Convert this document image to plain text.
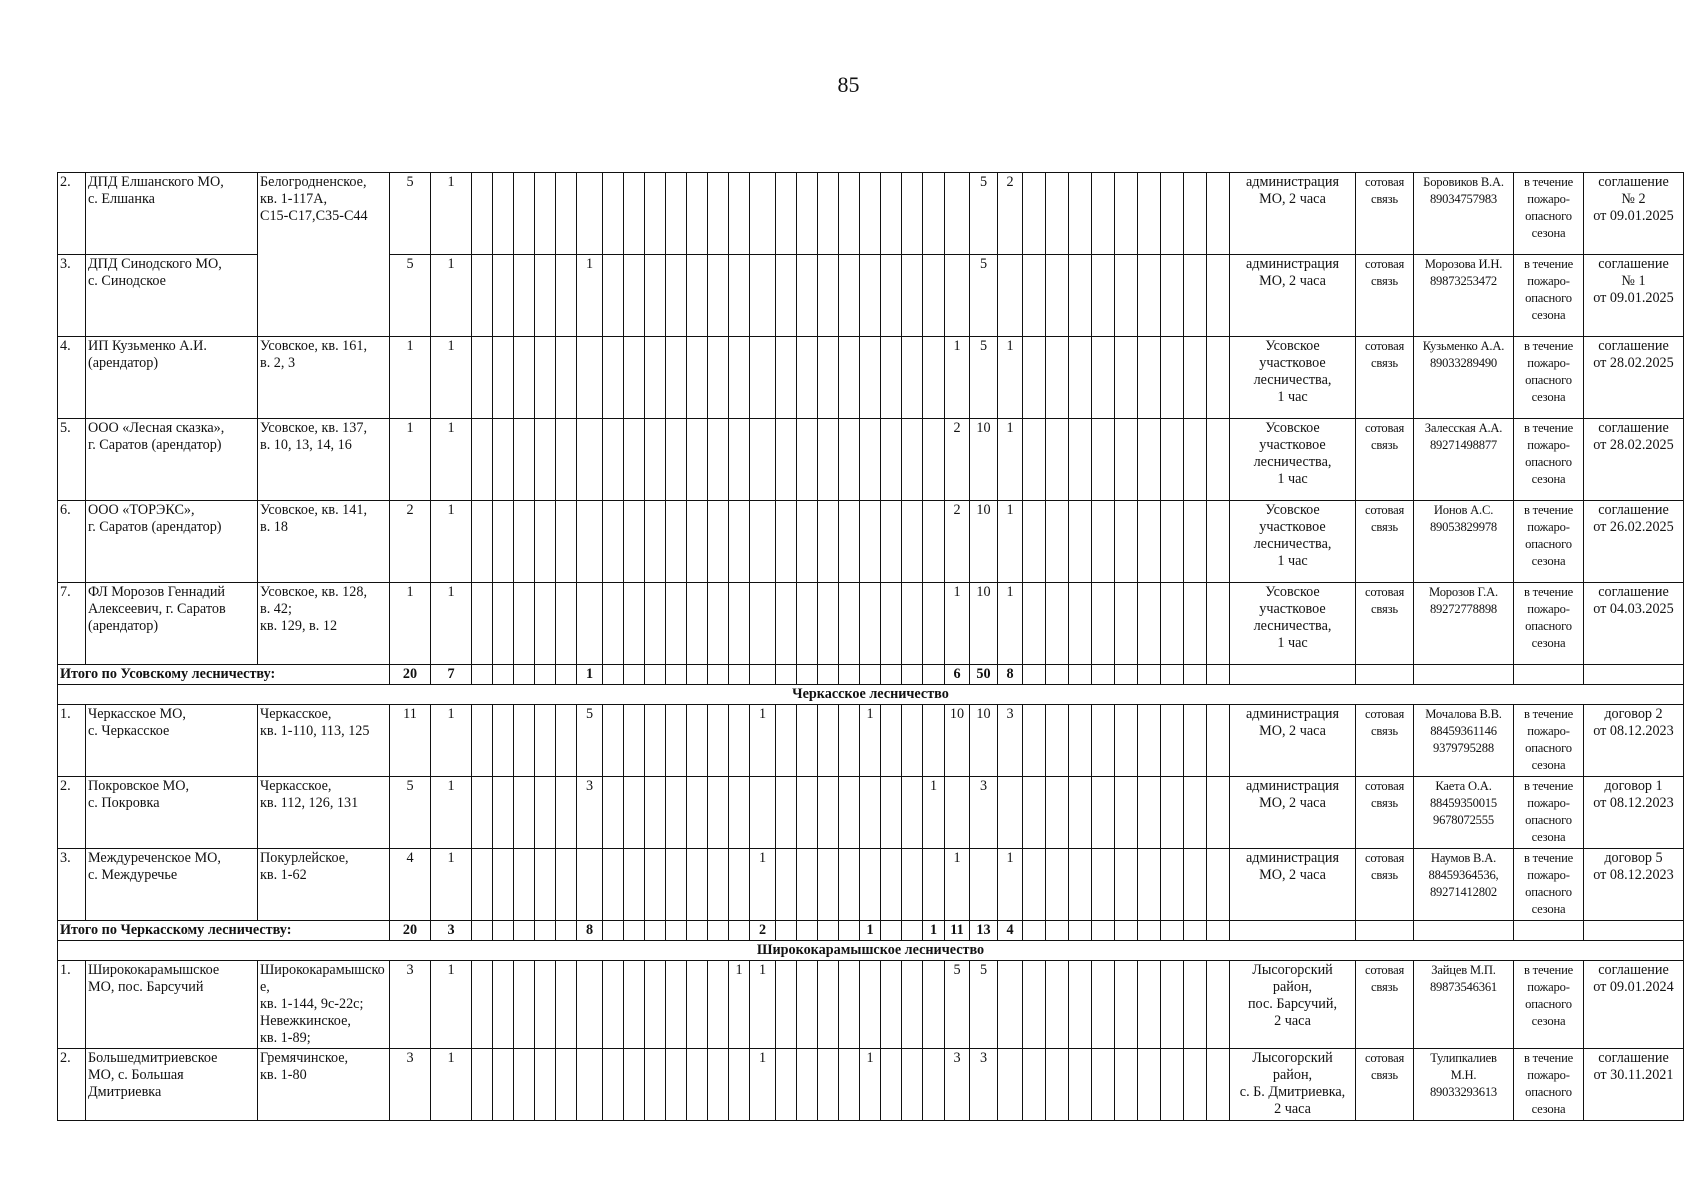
85
2.	ДПД Елшанского МО,
с. Елшанка	Белогродненское,
кв. 1-117А,
С15-С17,С35-С44	5	1																								5	2										администрация
МО, 2 часа	сотовая
связь	Боровиков В.А.
89034757983	в течение
пожаро-
опасного
сезона	соглашение
№ 2
от 09.01.2025
3.	ДПД Синодского МО,
с. Синодское		5	1						1																		5											администрация
МО, 2 часа	сотовая
связь	Морозова И.Н.
89873253472	в течение
пожаро-
опасного
сезона	соглашение
№ 1
от 09.01.2025
4.	ИП Кузьменко А.И.
(арендатор)	Усовское, кв. 161,
в. 2, 3	1	1																							1	5	1										Усовское
участковое
лесничества,
1 час	сотовая
связь	Кузьменко А.А.
89033289490	в течение
пожаро-
опасного
сезона	соглашение
от 28.02.2025
5.	ООО «Лесная сказка»,
г. Саратов (арендатор)	Усовское, кв. 137,
в. 10, 13, 14, 16	1	1																							2	10	1										Усовское
участковое
лесничества,
1 час	сотовая
связь	Залесская А.А.
89271498877	в течение
пожаро-
опасного
сезона	соглашение
от 28.02.2025
6.	ООО «ТОРЭКС»,
г. Саратов (арендатор)	Усовское, кв. 141,
в. 18	2	1																							2	10	1										Усовское
участковое
лесничества,
1 час	сотовая
связь	Ионов А.С.
89053829978	в течение
пожаро-
опасного
сезона	соглашение
от 26.02.2025
7.	ФЛ Морозов Геннадий
Алексеевич, г. Саратов
(арендатор)	Усовское, кв. 128,
в. 42;
кв. 129, в. 12	1	1																							1	10	1										Усовское
участковое
лесничества,
1 час	сотовая
связь	Морозов Г.А.
89272778898	в течение
пожаро-
опасного
сезона	соглашение
от 04.03.2025
Итого по Усовскому лесничеству:			20	7						1																	6	50	8														
Черкасское лесничество																																											
1.	Черкасское МО,
с. Черкасское	Черкасское,
кв. 1-110, 113, 125	11	1						5								1					1				10	10	3										администрация
МО, 2 часа	сотовая
связь	Мочалова В.В.
88459361146
9379795288	в течение
пожаро-
опасного
сезона	договор 2
от 08.12.2023
2.	Покровское МО,
с. Покровка	Черкасское,
кв. 112, 126, 131	5	1						3																1		3											администрация
МО, 2 часа	сотовая
связь	Каета О.А.
88459350015
9678072555	в течение
пожаро-
опасного
сезона	договор 1
от 08.12.2023
3.	Междуреченское МО,
с. Междуречье	Покурлейское,
кв. 1-62	4	1														1									1		1										администрация
МО, 2 часа	сотовая
связь	Наумов В.А.
88459364536,
89271412802	в течение
пожаро-
опасного
сезона	договор 5
от 08.12.2023
Итого по Черкасскому лесничеству:			20	3						8								2					1			1	11	13	4														
Ширококарамышское лесничество																																											
1.	Ширококарамышское
МО, пос. Барсучий	Ширококарамышское,
кв. 1-144, 9с-22с;
Невежкинское,
кв. 1-89;	3	1													1	1									5	5											Лысогорский
район,
пос. Барсучий,
2 часа	сотовая
связь	Зайцев М.П.
89873546361	в течение
пожаро-
опасного
сезона	соглашение
от 09.01.2024
2.	Большедмитриевское
МО, с. Большая
Дмитриевка	Гремячинское,
кв. 1-80	3	1														1					1				3	3											Лысогорский
район,
с. Б. Дмитриевка,
2 часа	сотовая
связь	Тулипкалиев
М.Н.
89033293613	в течение
пожаро-
опасного
сезона	соглашение
от 30.11.2021
